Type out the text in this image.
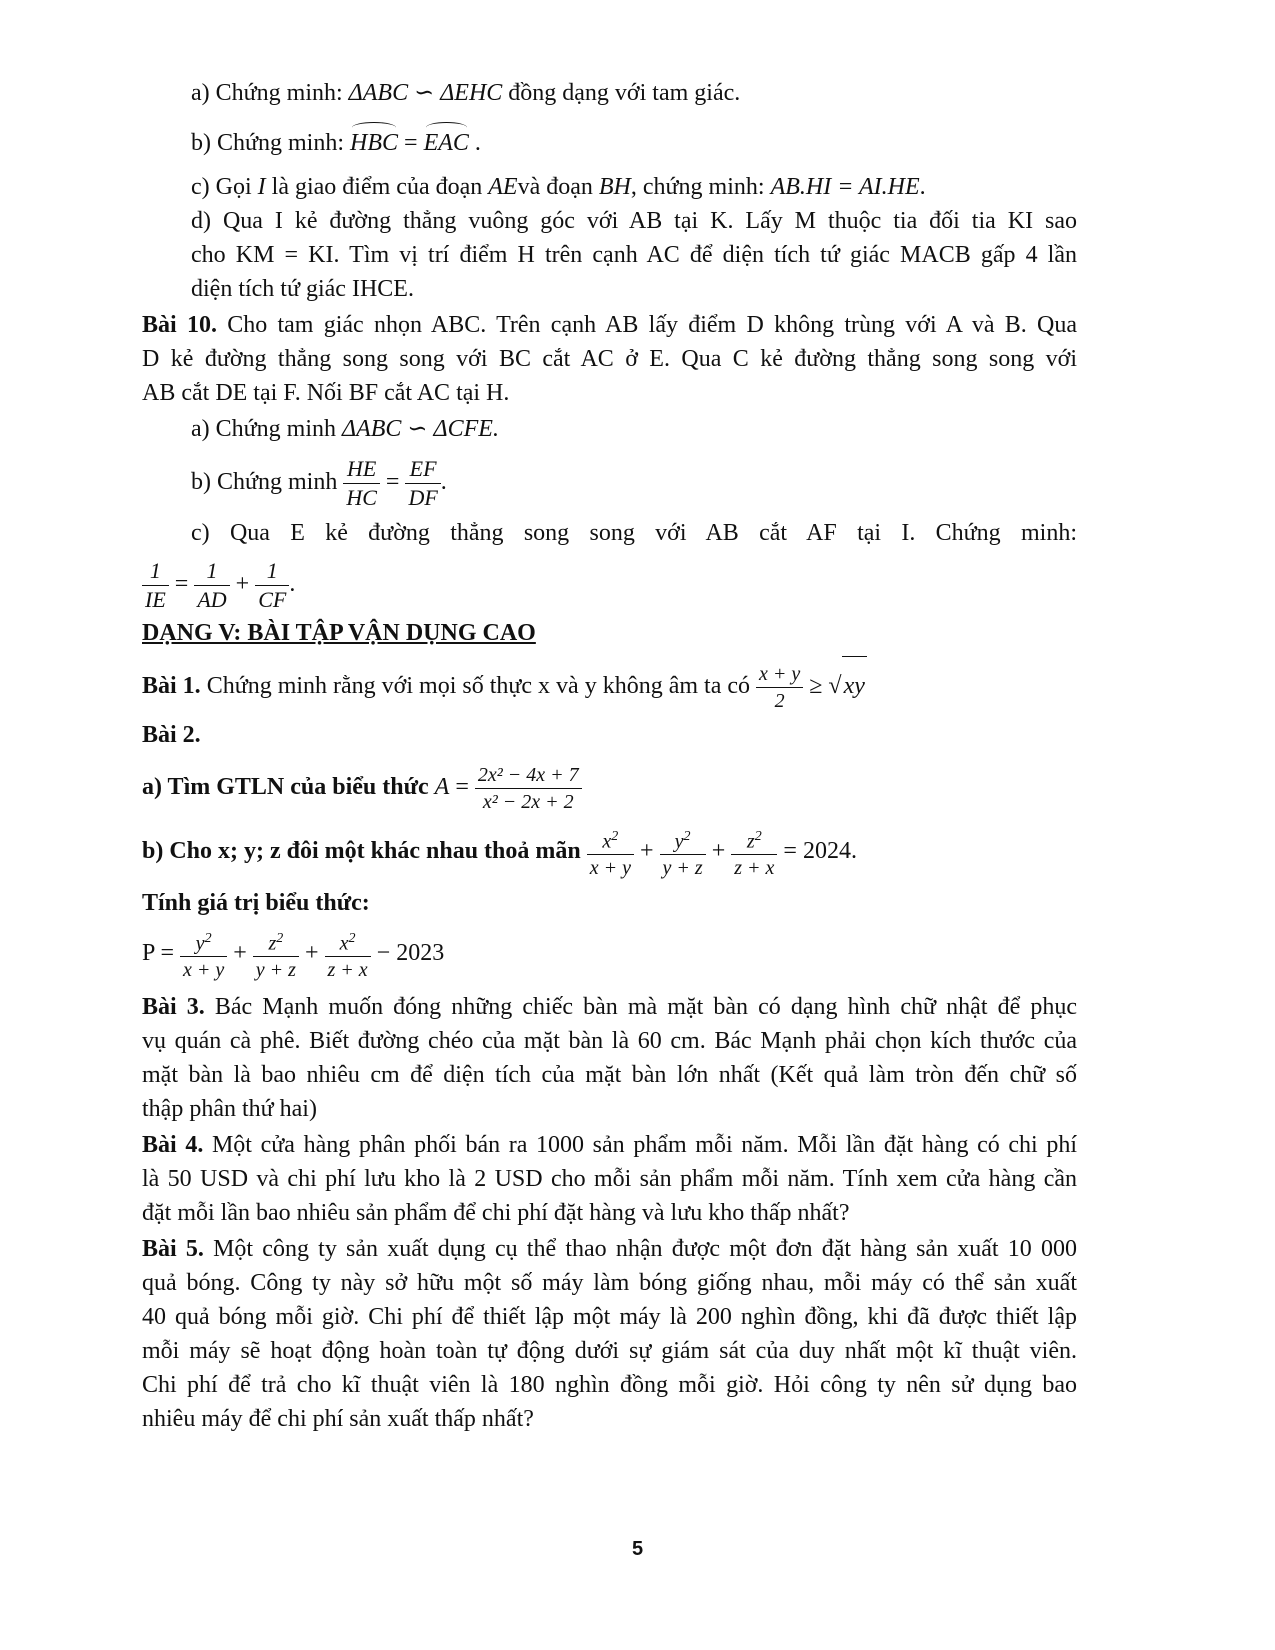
a) Chứng minh: ΔABC ∽ ΔEHC đồng dạng với tam giác.
b) Chứng minh: HBC = EAC .
c) Gọi I là giao điểm của đoạn AEvà đoạn BH, chứng minh: AB.HI = AI.HE.
d) Qua I kẻ đường thẳng vuông góc với AB tại K. Lấy M thuộc tia đối tia KI sao
cho KM = KI. Tìm vị trí điểm H trên cạnh AC để diện tích tứ giác MACB gấp 4 lần
diện tích tứ giác IHCE.
Bài 10. Cho tam giác nhọn ABC. Trên cạnh AB lấy điểm D không trùng với A và B. Qua
D kẻ đường thẳng song song với BC cắt AC ở E. Qua C kẻ đường thẳng song song với
AB cắt DE tại F. Nối BF cắt AC tại H.
a) Chứng minh ΔABC ∽ ΔCFE.
b) Chứng minh $\frac{HE}{HC} = \frac{EF}{DF}$ .
c) Qua E kẻ đường thẳng song song với AB cắt AF tại I. Chứng minh:
$\frac{1}{IE} = \frac{1}{AD} + \frac{1}{CF}$ .
DẠNG V: BÀI TẬP VẬN DỤNG CAO
Bài 1. Chứng minh rằng với mọi số thực x và y không âm ta có $\frac{x + y}{2} \ge √xy$
Bài 2.
a) Tìm GTLN của biểu thức $A = \frac{\text{2x² − 4x + 7}}{\text{x² − 2x + 2}}$
b) Cho x; y; z đôi một khác nhau thoả mãn $\frac{x^2}{x + y} + \frac{y^2}{y + z} + \frac{z^2}{z + x} = 2024$.
Tính giá trị biểu thức:
$P = \frac{y^2}{x + y} + \frac{z^2}{y + z} + \frac{x^2}{z + x} - 2023$
Bài 3. Bác Mạnh muốn đóng những chiếc bàn mà mặt bàn có dạng hình chữ nhật để phục
vụ quán cà phê. Biết đường chéo của mặt bàn là 60 cm. Bác Mạnh phải chọn kích thước của
mặt bàn là bao nhiêu cm để diện tích của mặt bàn lớn nhất (Kết quả làm tròn đến chữ số
thập phân thứ hai)
Bài 4. Một cửa hàng phân phối bán ra 1000 sản phẩm mỗi năm. Mỗi lần đặt hàng có chi phí
là 50 USD và chi phí lưu kho là 2 USD cho mỗi sản phẩm mỗi năm. Tính xem cửa hàng cần
đặt mỗi lần bao nhiêu sản phẩm để chi phí đặt hàng và lưu kho thấp nhất?
Bài 5. Một công ty sản xuất dụng cụ thể thao nhận được một đơn đặt hàng sản xuất 10 000
quả bóng. Công ty này sở hữu một số máy làm bóng giống nhau, mỗi máy có thể sản xuất
40 quả bóng mỗi giờ. Chi phí để thiết lập một máy là 200 nghìn đồng, khi đã được thiết lập
mỗi máy sẽ hoạt động hoàn toàn tự động dưới sự giám sát của duy nhất một kĩ thuật viên.
Chi phí để trả cho kĩ thuật viên là 180 nghìn đồng mỗi giờ. Hỏi công ty nên sử dụng bao
nhiêu máy để chi phí sản xuất thấp nhất?
5
